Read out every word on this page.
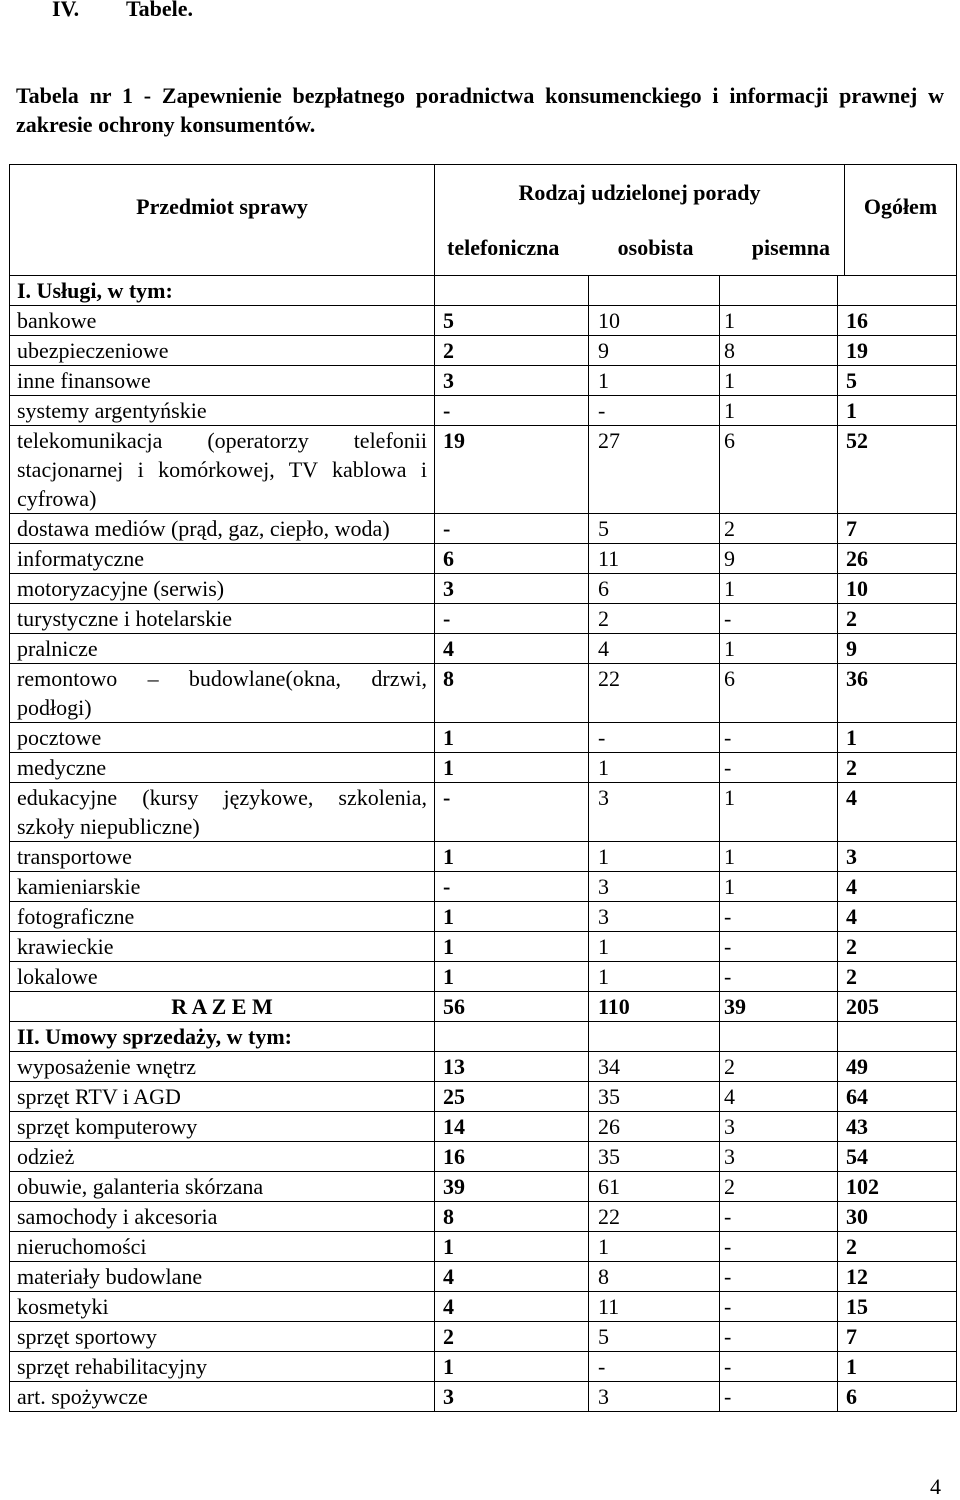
IV. Tabele.
Tabela nr 1 - Zapewnienie bezpłatnego poradnictwa konsumenckiego i informacji prawnej w zakresie ochrony konsumentów.
Przedmiot sprawy	Rodzaj udzielonej porady
telefoniczna osobista pisemna	Ogółem

I. Usługi, w tym:		
bankowe	5 10 1 16	

ubezpieczeniowe	2 9 8 19	

inne finansowe	3 1 1 5	

systemy argentyńskie	- - 1 1	

telekomunikacja (operatorzy telefonii stacjonarnej i komórkowej, TV kablowa i cyfrowa)	19 27 6 52	

dostawa mediów (prąd, gaz, ciepło, woda)	- 5 2 7	

informatyczne	6 11 9 26	

motoryzacyjne (serwis)	3 6 1 10	

turystyczne i hotelarskie	- 2 - 2	

pralnicze	4 4 1 9	

remontowo – budowlane(okna, drzwi, podłogi)	8 22 6 36	

pocztowe	1 - - 1	

medyczne	1 1 - 2	

edukacyjne (kursy językowe, szkolenia, szkoły niepubliczne)	- 3 1 4	

transportowe	1 1 1 3	

kamieniarskie	- 3 1 4	

fotograficzne	1 3 - 4	

krawieckie	1 1 - 2	

lokalowe	1 1 - 2	

R A Z E M	56 110 39 205	

II. Umowy sprzedaży, w tym:		
wyposażenie wnętrz	13 34 2 49	

sprzęt RTV i AGD	25 35 4 64	

sprzęt komputerowy	14 26 3 43	

odzież	16 35 3 54	

obuwie, galanteria skórzana	39 61 2 102	

samochody i akcesoria	8 22 - 30	

nieruchomości	1 1 - 2	

materiały budowlane	4 8 - 12	

kosmetyki	4 11 - 15	

sprzęt sportowy	2 5 - 7	

sprzęt rehabilitacyjny	1 - - 1	

art. spożywcze	3 3 - 6	
4
